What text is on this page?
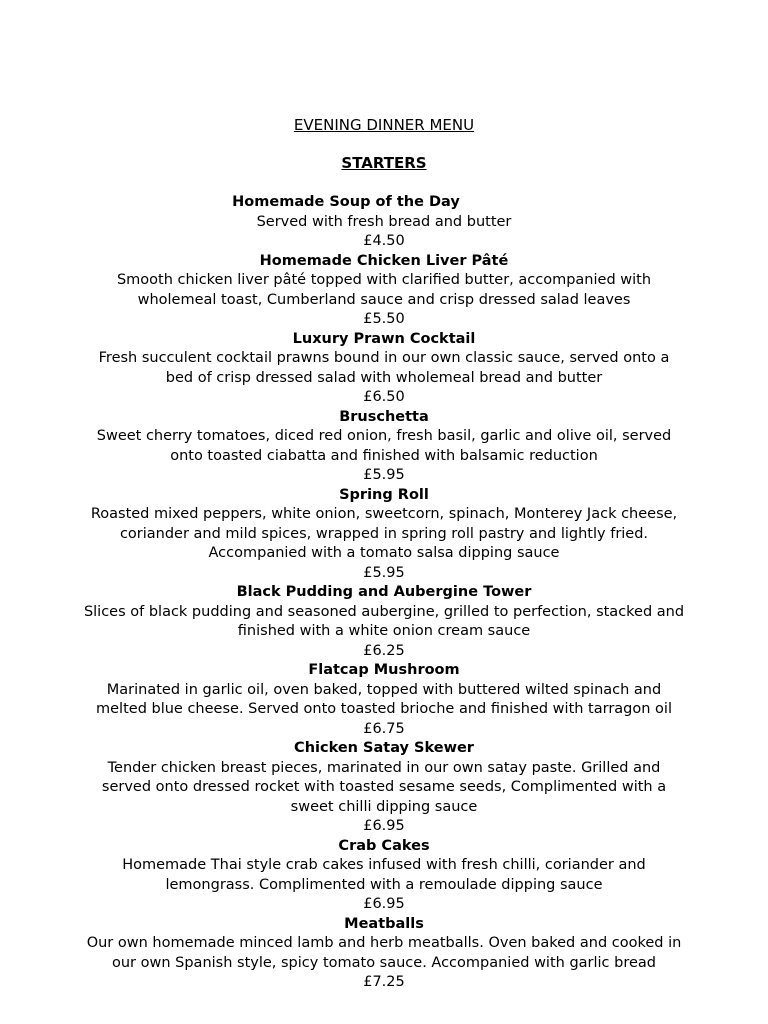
EVENING DINNER MENU
STARTERS

Homemade Soup of the Day

Served with fresh bread and butter

£4.50

Homemade Chicken Liver Pâté

Smooth chicken liver pâté topped with clarified butter, accompanied with
wholemeal toast, Cumberland sauce and crisp dressed salad leaves

£5.50

Luxury Prawn Cocktail

Fresh succulent cocktail prawns bound in our own classic sauce, served onto a
bed of crisp dressed salad with wholemeal bread and butter

£6.50

Bruschetta

Sweet cherry tomatoes, diced red onion, fresh basil, garlic and olive oil, served
onto toasted ciabatta and finished with balsamic reduction

£5.95

Spring Roll

Roasted mixed peppers, white onion, sweetcorn, spinach, Monterey Jack cheese,
coriander and mild spices, wrapped in spring roll pastry and lightly fried.
Accompanied with a tomato salsa dipping sauce

£5.95

Black Pudding and Aubergine Tower

Slices of black pudding and seasoned aubergine, grilled to perfection, stacked and
finished with a white onion cream sauce

£6.25

Flatcap Mushroom

Marinated in garlic oil, oven baked, topped with buttered wilted spinach and
melted blue cheese. Served onto toasted brioche and finished with tarragon oil

£6.75

Chicken Satay Skewer

Tender chicken breast pieces, marinated in our own satay paste. Grilled and
served onto dressed rocket with toasted sesame seeds, Complimented with a
sweet chilli dipping sauce

£6.95

Crab Cakes

Homemade Thai style crab cakes infused with fresh chilli, coriander and
lemongrass. Complimented with a remoulade dipping sauce

£6.95

Meatballs

Our own homemade minced lamb and herb meatballs. Oven baked and cooked in
our own Spanish style, spicy tomato sauce. Accompanied with garlic bread

£7.25
